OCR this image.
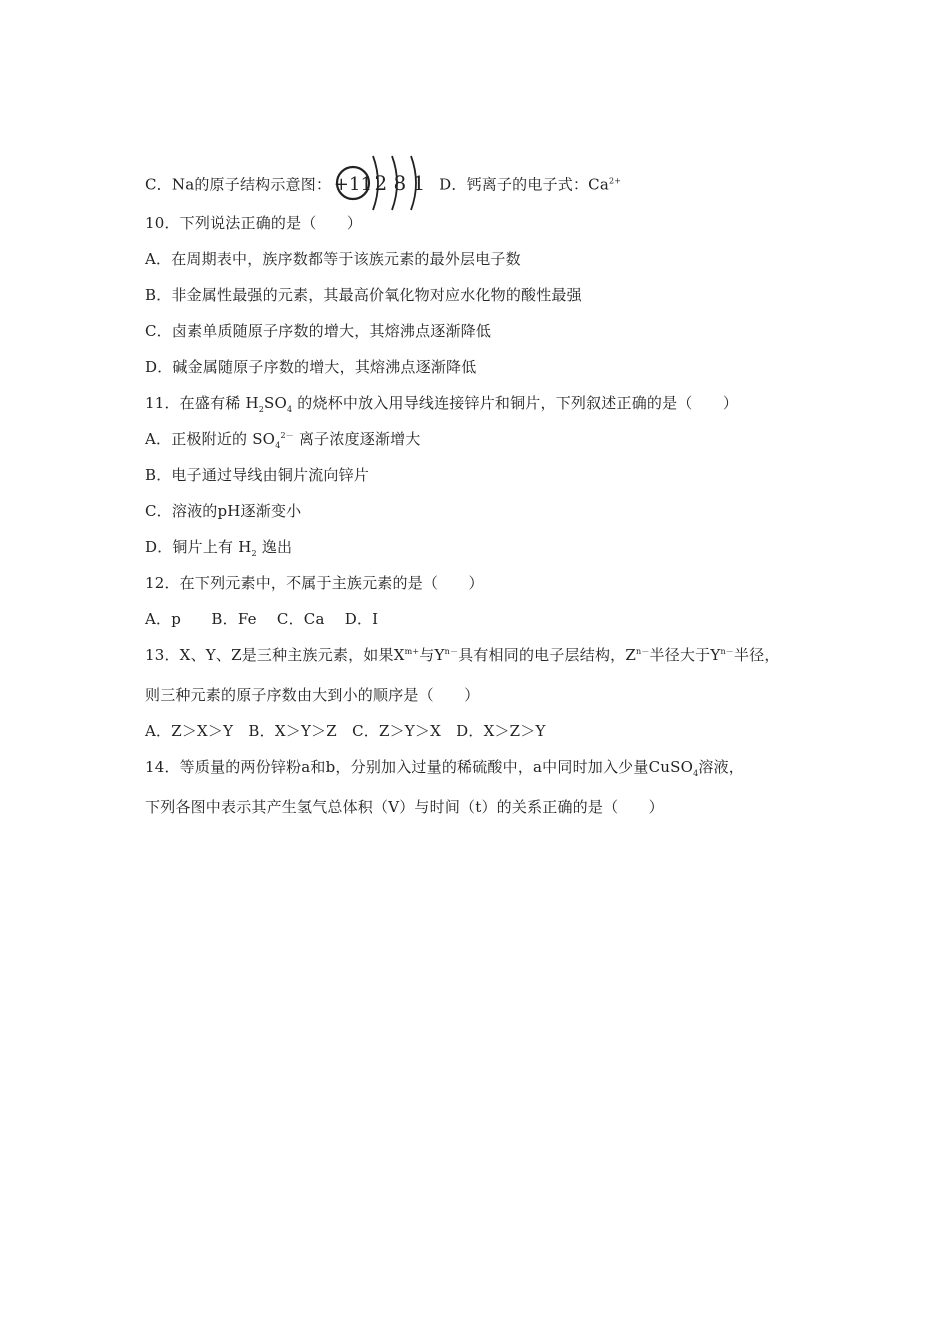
C．Na的原子结构示意图： +11 2 8 1 D．钙离子的电子式：$Ca^{2+}$
10．下列说法正确的是（　　）
A．在周期表中，族序数都等于该族元素的最外层电子数
B．非金属性最强的元素，其最高价氧化物对应水化物的酸性最强
C．卤素单质随原子序数的增大，其熔沸点逐渐降低
D．碱金属随原子序数的增大，其熔沸点逐渐降低
11．在盛有稀 $H_2SO_4$ 的烧杯中放入用导线连接锌片和铜片，下列叙述正确的是（　　）
A．正极附近的 $SO_4^{2-}$ 离子浓度逐渐增大
B．电子通过导线由铜片流向锌片
C．溶液的pH逐渐变小
D．铜片上有 $H_2$ 逸出
12．在下列元素中，不属于主族元素的是（　　）
A．p　　B．Fe　 C．Ca　 D．I
13．X、Y、Z是三种主族元素，如果$X^{m+}$与$Y^{n-}$具有相同的电子层结构，$Z^{n-}$半径大于$Y^{n-}$半径，
则三种元素的原子序数由大到小的顺序是（　　）
A．Z＞X＞Y　B．X＞Y＞Z　C．Z＞Y＞X　D．X＞Z＞Y
14．等质量的两份锌粉a和b，分别加入过量的稀硫酸中，a中同时加入少量CuSO$_4$溶液，
下列各图中表示其产生氢气总体积（V）与时间（t）的关系正确的是（　　）
